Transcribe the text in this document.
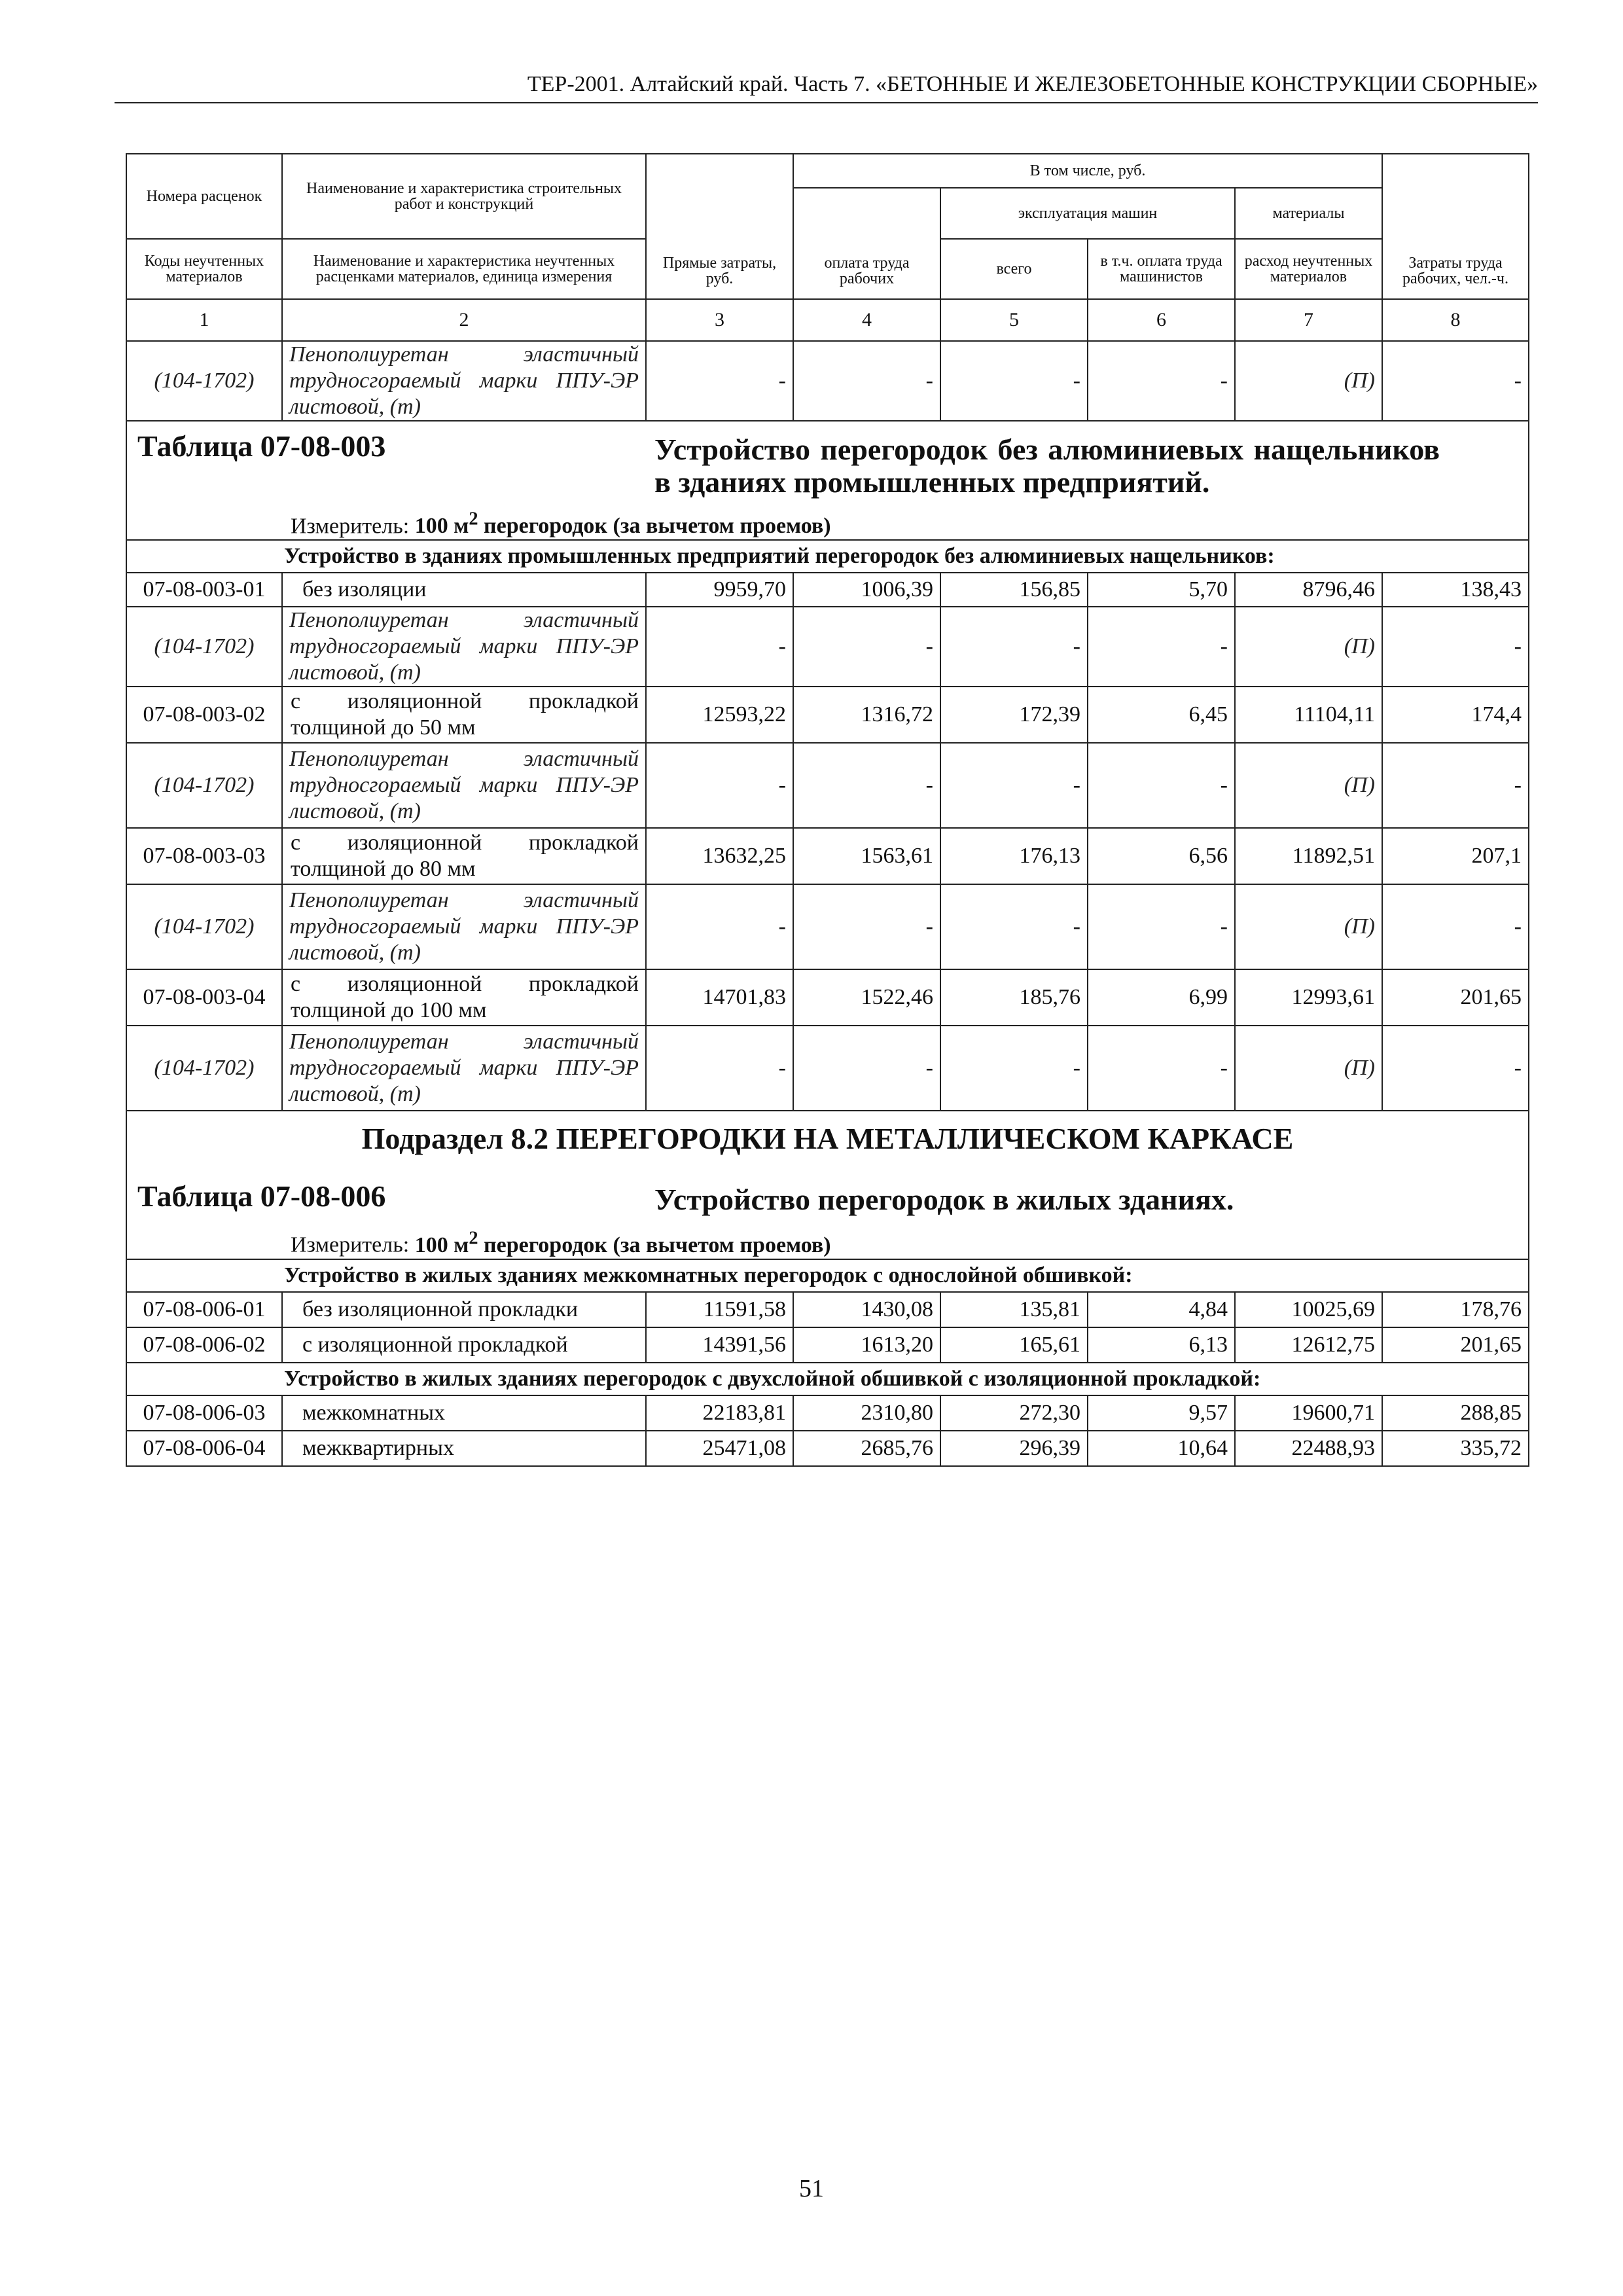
ТЕР-2001. Алтайский край. Часть 7. «БЕТОННЫЕ И ЖЕЛЕЗОБЕТОННЫЕ КОНСТРУКЦИИ СБОРНЫЕ»
Номера расценок	Наименование и характеристика строительных работ и конструкций	Прямые затраты, руб.	В том числе, руб.				Затраты труда рабочих, чел.-ч.
			оплата труда рабочих	эксплуатация машин		материалы	
Коды неучтенных материалов	Наименование и характеристика неучтенных расценками материалов, единица измерения			всего	в т.ч. оплата труда машинистов	расход неучтенных материалов	
1	2	3	4	5	6	7	8
(104-1702)	Пенополиуретан эластичный трудносгораемый марки ППУ-ЭР листовой, (т)	-	-	-	-	(П)	-

Таблица 07-08-003 Устройство перегородок без алюминиевых нащельников в зданиях промышленных предприятий.							

Измеритель: 100 $м^2$ перегородок (за вычетом проемов)							
Устройство в зданиях промышленных предприятий перегородок без алюминиевых нащельников:							
07-08-003-01	без изоляции	9959,70	1006,39	156,85	5,70	8796,46	138,43
(104-1702)	Пенополиуретан эластичный трудносгораемый марки ППУ-ЭР листовой, (т)	-	-	-	-	(П)	-
07-08-003-02	с изоляционной прокладкой толщиной до 50 мм	12593,22	1316,72	172,39	6,45	11104,11	174,4
(104-1702)	Пенополиуретан эластичный трудносгораемый марки ППУ-ЭР листовой, (т)	-	-	-	-	(П)	-
07-08-003-03	с изоляционной прокладкой толщиной до 80 мм	13632,25	1563,61	176,13	6,56	11892,51	207,1
(104-1702)	Пенополиуретан эластичный трудносгораемый марки ППУ-ЭР листовой, (т)	-	-	-	-	(П)	-
07-08-003-04	с изоляционной прокладкой толщиной до 100 мм	14701,83	1522,46	185,76	6,99	12993,61	201,65
(104-1702)	Пенополиуретан эластичный трудносгораемый марки ППУ-ЭР листовой, (т)	-	-	-	-	(П)	-

Подраздел 8.2 ПЕРЕГОРОДКИ НА МЕТАЛЛИЧЕСКОМ КАРКАСЕ							

Таблица 07-08-006 Устройство перегородок в жилых зданиях.							

Измеритель: 100 $м^2$ перегородок (за вычетом проемов)							
Устройство в жилых зданиях межкомнатных перегородок с однослойной обшивкой:							
07-08-006-01	без изоляционной прокладки	11591,58	1430,08	135,81	4,84	10025,69	178,76
07-08-006-02	с изоляционной прокладкой	14391,56	1613,20	165,61	6,13	12612,75	201,65
Устройство в жилых зданиях перегородок с двухслойной обшивкой с изоляционной прокладкой:							
07-08-006-03	межкомнатных	22183,81	2310,80	272,30	9,57	19600,71	288,85
07-08-006-04	межквартирных	25471,08	2685,76	296,39	10,64	22488,93	335,72
51
